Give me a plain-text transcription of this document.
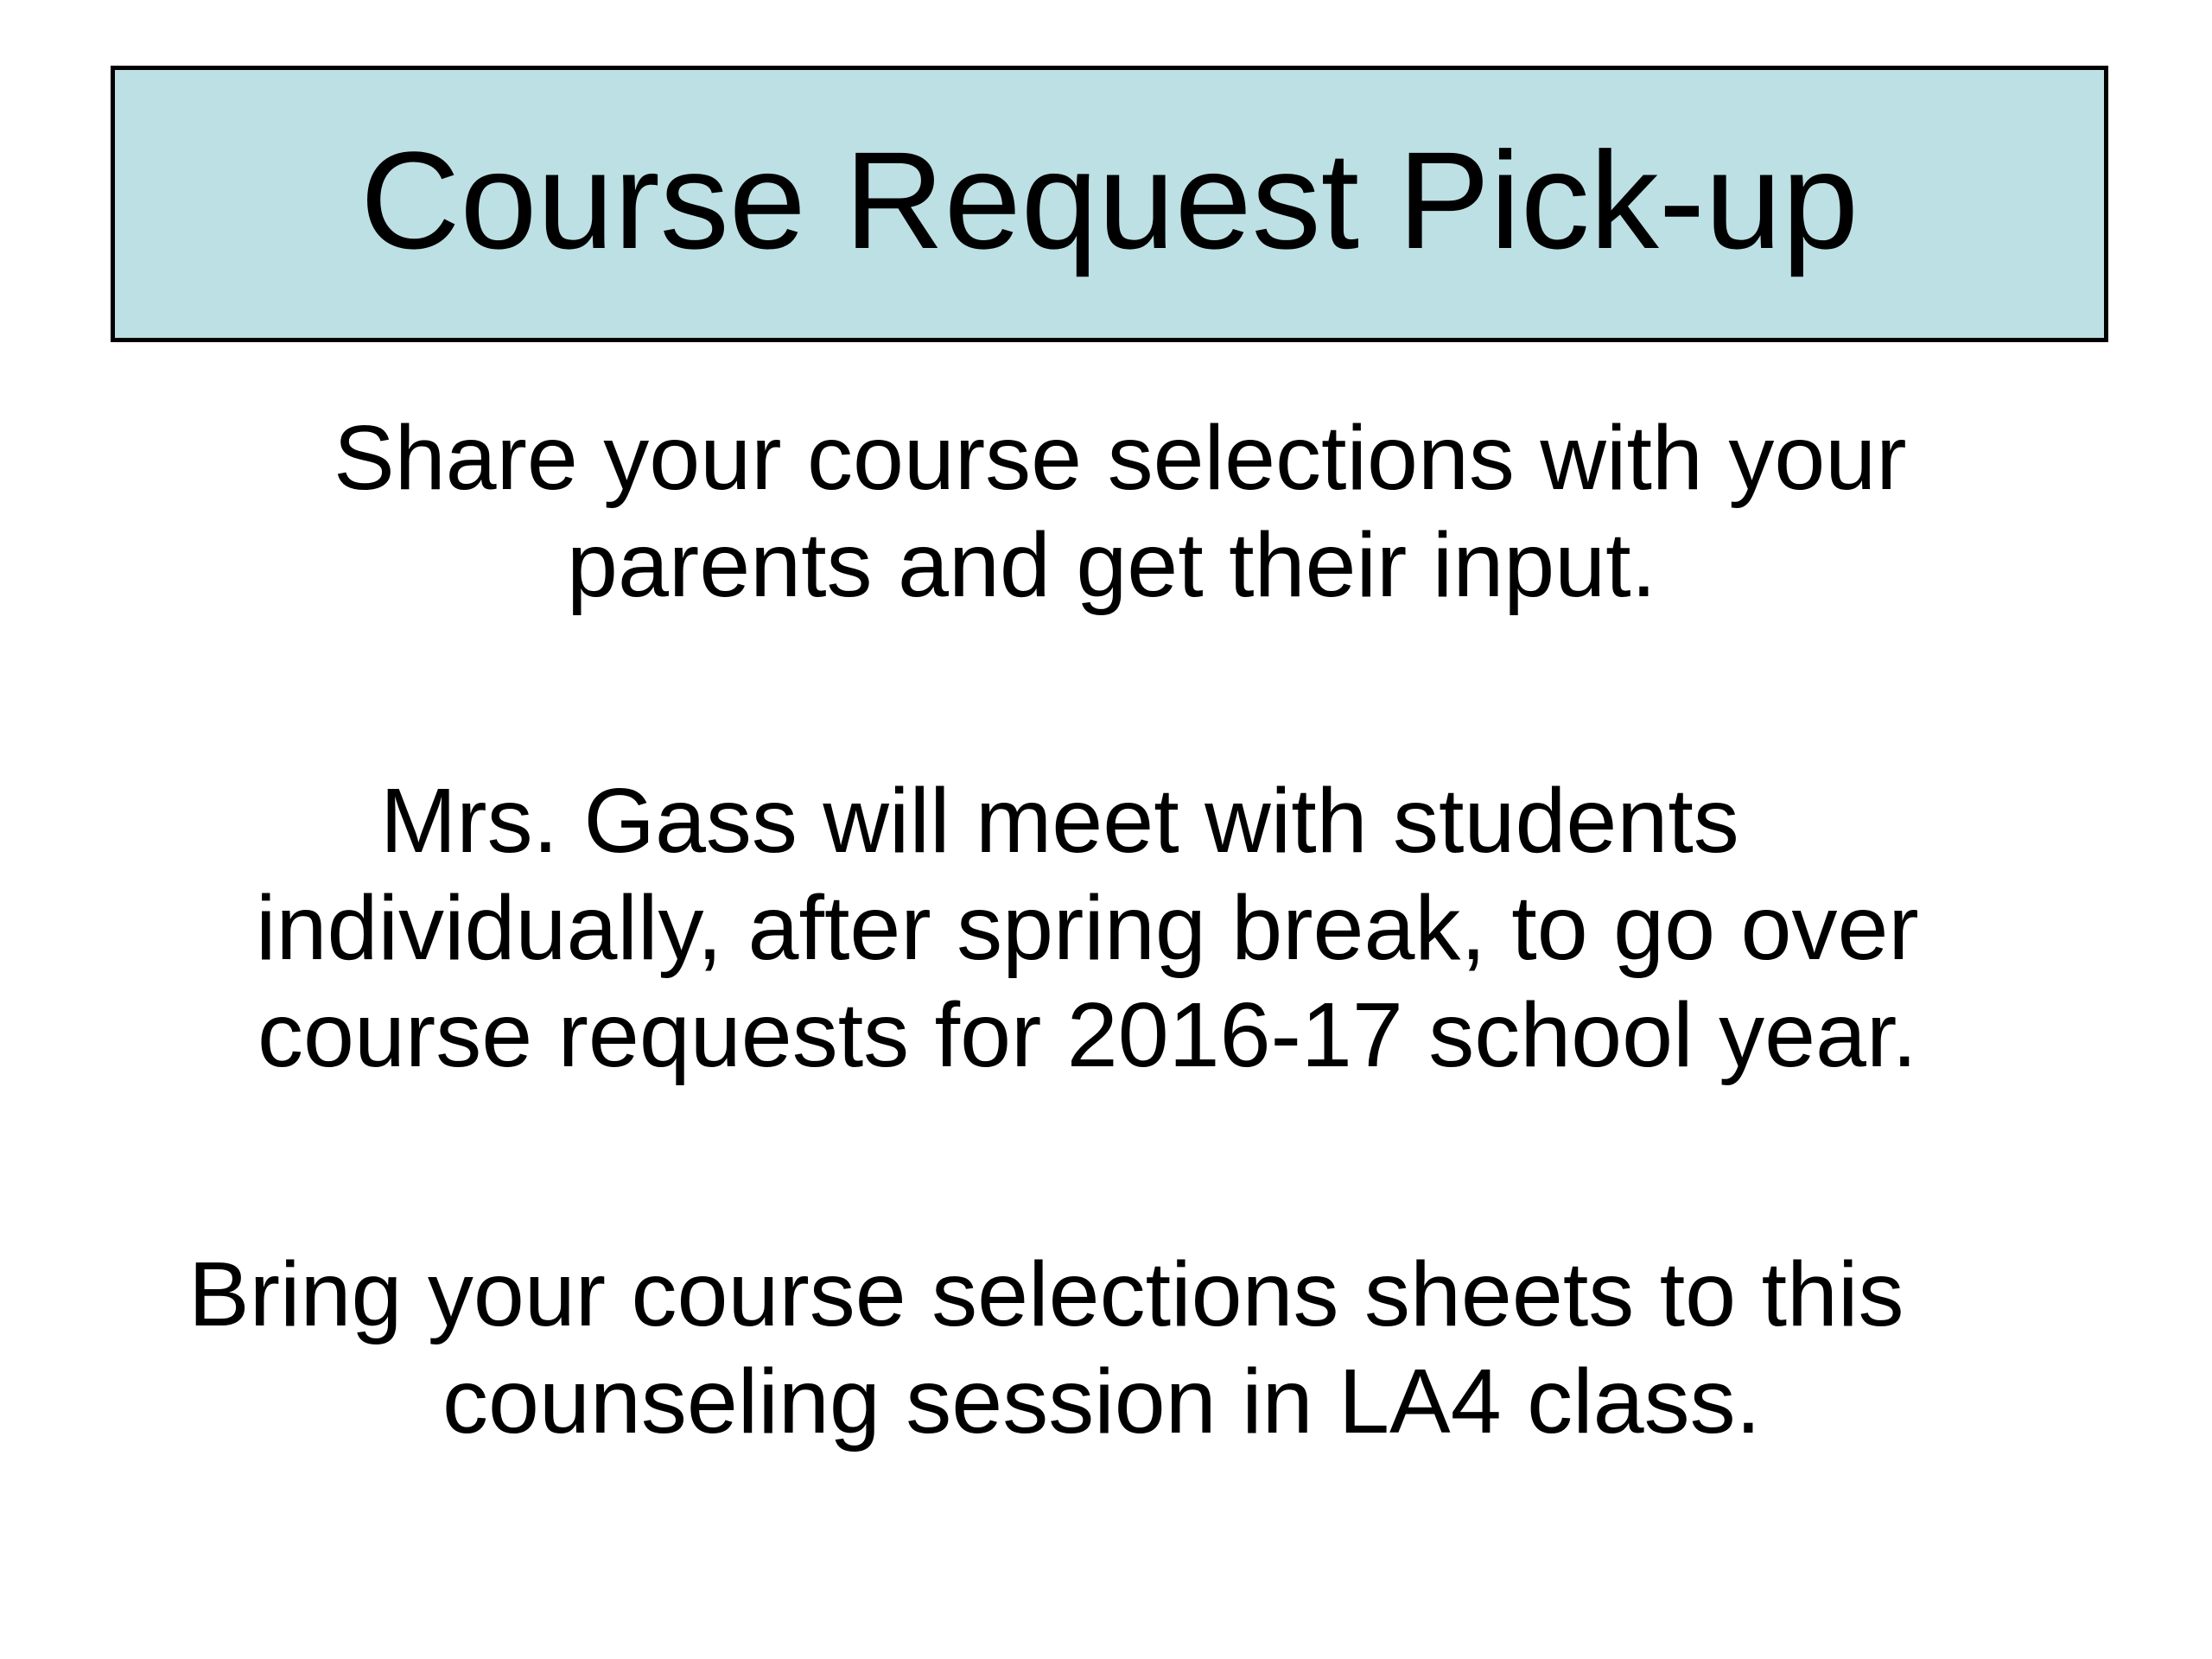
Course Request Pick-up
Share your course selections with your
parents and get their input.
Mrs. Gass will meet with students
individually, after spring break, to go over
course requests for 2016-17 school year.
Bring your course selections sheets to this
counseling session in LA4 class.
